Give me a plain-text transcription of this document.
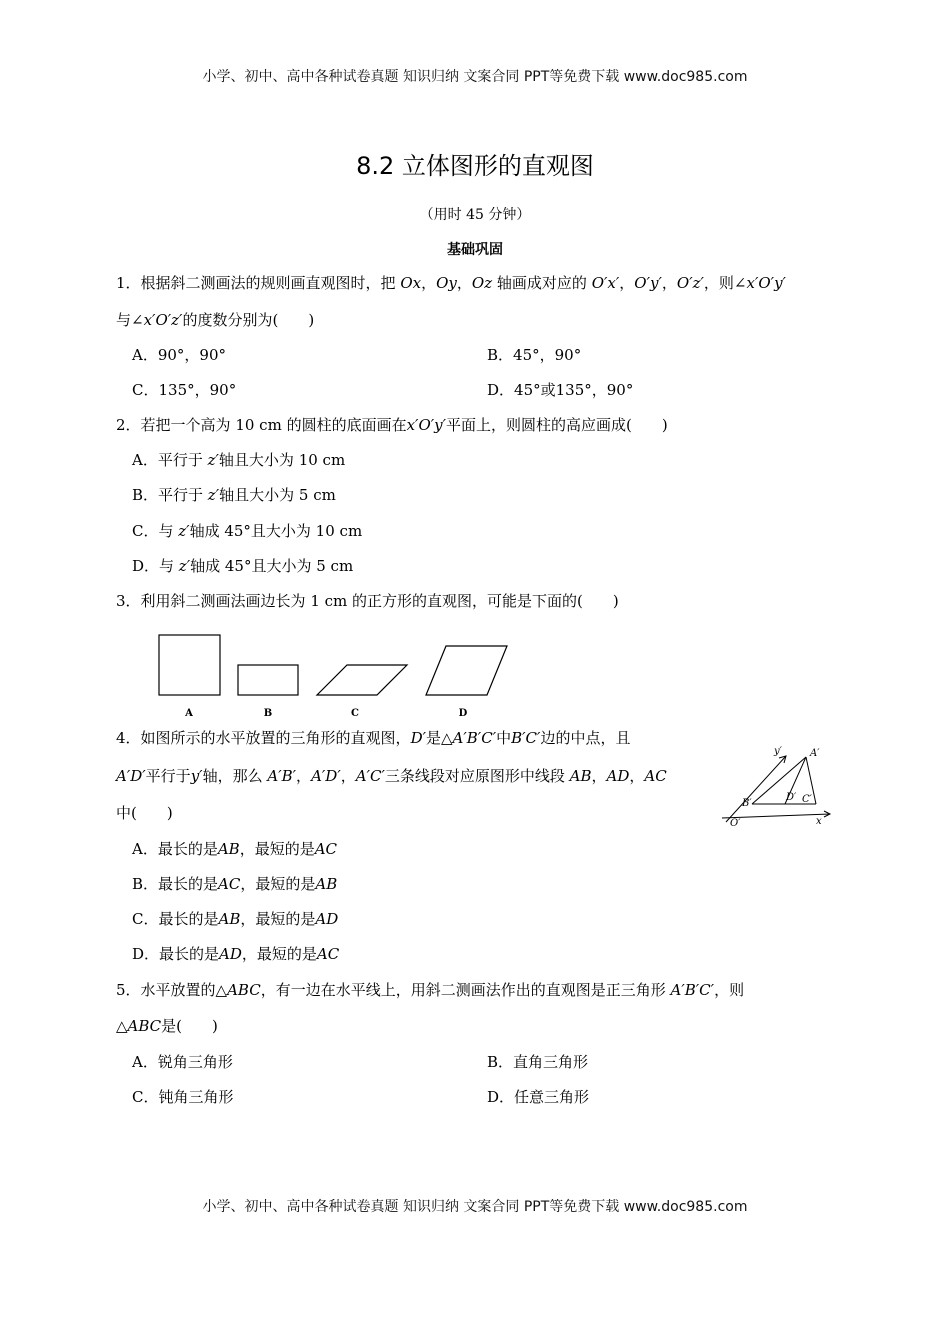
小学、初中、高中各种试卷真题 知识归纳 文案合同 PPT等免费下载 www.doc985.com
8.2 立体图形的直观图
（用时 45 分钟）
基础巩固
1．根据斜二测画法的规则画直观图时，把 Ox，Oy，Oz 轴画成对应的 O′x′，O′y′，O′z′，则∠x′O′y′
与∠x′O′z′的度数分别为(　　)
A．90°，90°	B．45°，90°
C．135°，90°	D．45°或135°，90°
2．若把一个高为 10 cm 的圆柱的底面画在x′O′y′平面上，则圆柱的高应画成(　　)
A．平行于 z′轴且大小为 10 cm
B．平行于 z′轴且大小为 5 cm
C．与 z′轴成 45°且大小为 10 cm
D．与 z′轴成 45°且大小为 5 cm
3．利用斜二测画法画边长为 1 cm 的正方形的直观图，可能是下面的(　　)
A	B	C	D
4．如图所示的水平放置的三角形的直观图，D′是△A′B′C′中B′C′边的中点，且
A′D′平行于y′轴，那么 A′B′，A′D′，A′C′三条线段对应原图形中线段 AB，AD，AC
中(　　)
A．最长的是AB，最短的是AC
B．最长的是AC，最短的是AB
C．最长的是AB，最短的是AD
D．最长的是AD，最短的是AC
y′	A′
B′
D′ C′
O′	x
5．水平放置的△ABC，有一边在水平线上，用斜二测画法作出的直观图是正三角形 A′B′C′，则
△ABC是(　　)
A．锐角三角形	B．直角三角形
C．钝角三角形	D．任意三角形
小学、初中、高中各种试卷真题 知识归纳 文案合同 PPT等免费下载 www.doc985.com
